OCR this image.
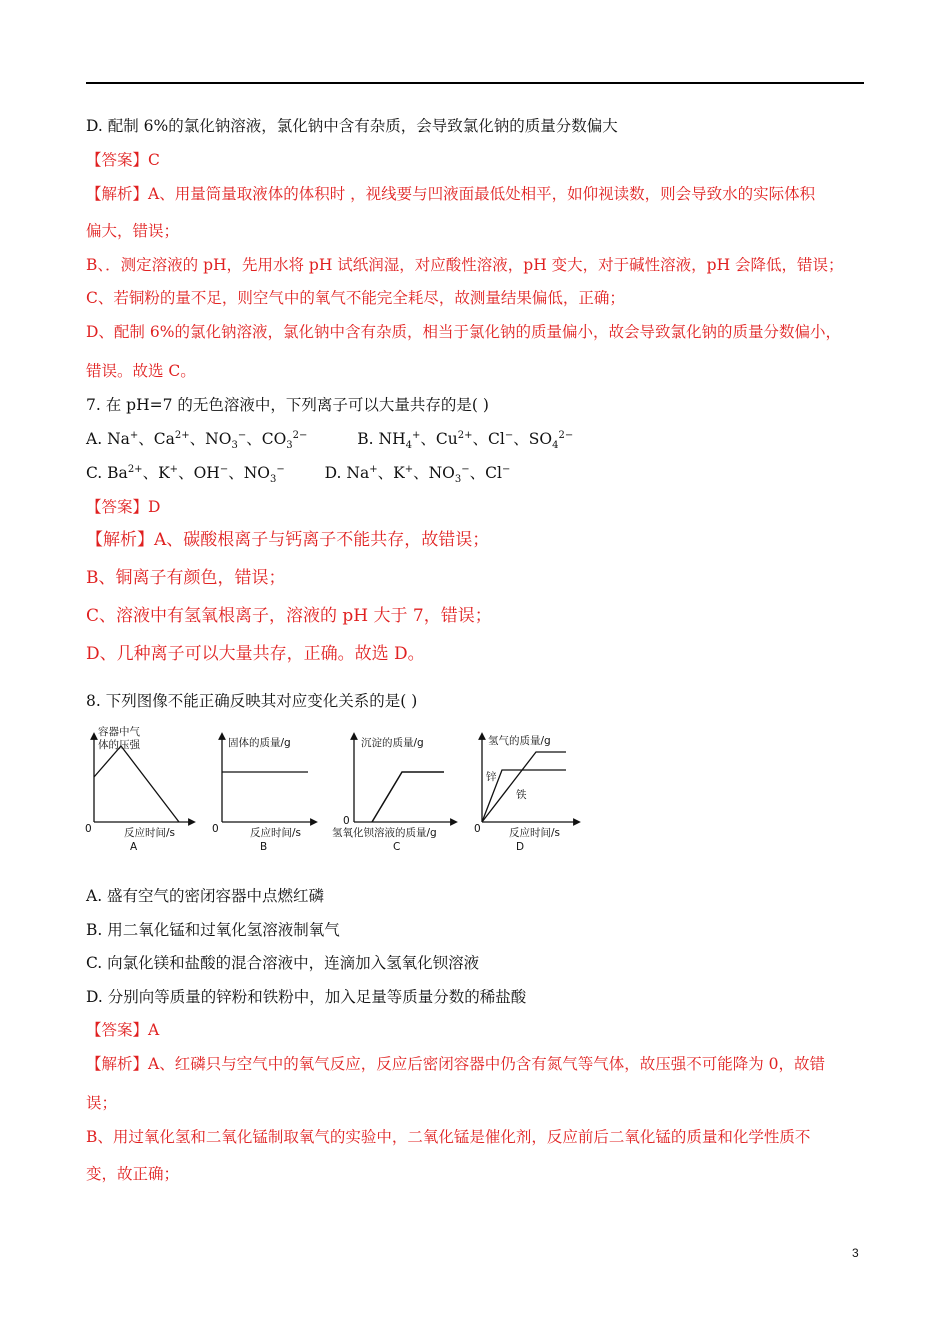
D. 配制 6%的氯化钠溶液，氯化钠中含有杂质，会导致氯化钠的质量分数偏大
【答案】C
【解析】A、用量筒量取液体的体积时 ，视线要与凹液面最低处相平，如仰视读数，则会导致水的实际体积
偏大，错误；
B、．测定溶液的 pH，先用水将 pH 试纸润湿，对应酸性溶液，pH 变大，对于碱性溶液，pH 会降低，错误；
C、若铜粉的量不足，则空气中的氧气不能完全耗尽，故测量结果偏低，正确；
D、配制 6%的氯化钠溶液，氯化钠中含有杂质，相当于氯化钠的质量偏小，故会导致氯化钠的质量分数偏小，
错误。故选 C。
7. 在 pH=7 的无色溶液中，下列离子可以大量共存的是( )
A. Na+、$Ca^{2+}$、$NO_3^-$、$CO_3^{2-}$	B. $NH_4^+$、$Cu^{2+}$、Cl−、$SO_4^{2-}$
C. $Ba^{2+}$、K+、OH−、$NO_3^-$	D. Na+、K+、$NO_3^-$、Cl−
【答案】D
【解析】A、碳酸根离子与钙离子不能共存，故错误；
B、铜离子有颜色，错误；
C、溶液中有氢氧根离子，溶液的 pH 大于 7，错误；
D、几种离子可以大量共存，正确。故选 D。
8. 下列图像不能正确反映其对应变化关系的是( )
容器中气
体的压强
0	反应时间/s
A
固体的质量/g
0	反应时间/s
B
沉淀的质量/g
0
氢氧化钡溶液的质量/g
C
氢气的质量/g
锌
铁
0	反应时间/s
D
A. 盛有空气的密闭容器中点燃红磷
B. 用二氧化锰和过氧化氢溶液制氧气
C. 向氯化镁和盐酸的混合溶液中，连滴加入氢氧化钡溶液
D. 分别向等质量的锌粉和铁粉中，加入足量等质量分数的稀盐酸
【答案】A
【解析】A、红磷只与空气中的氧气反应，反应后密闭容器中仍含有氮气等气体，故压强不可能降为 0，故错
误；
B、用过氧化氢和二氧化锰制取氧气的实验中，二氧化锰是催化剂，反应前后二氧化锰的质量和化学性质不
变，故正确；
3
